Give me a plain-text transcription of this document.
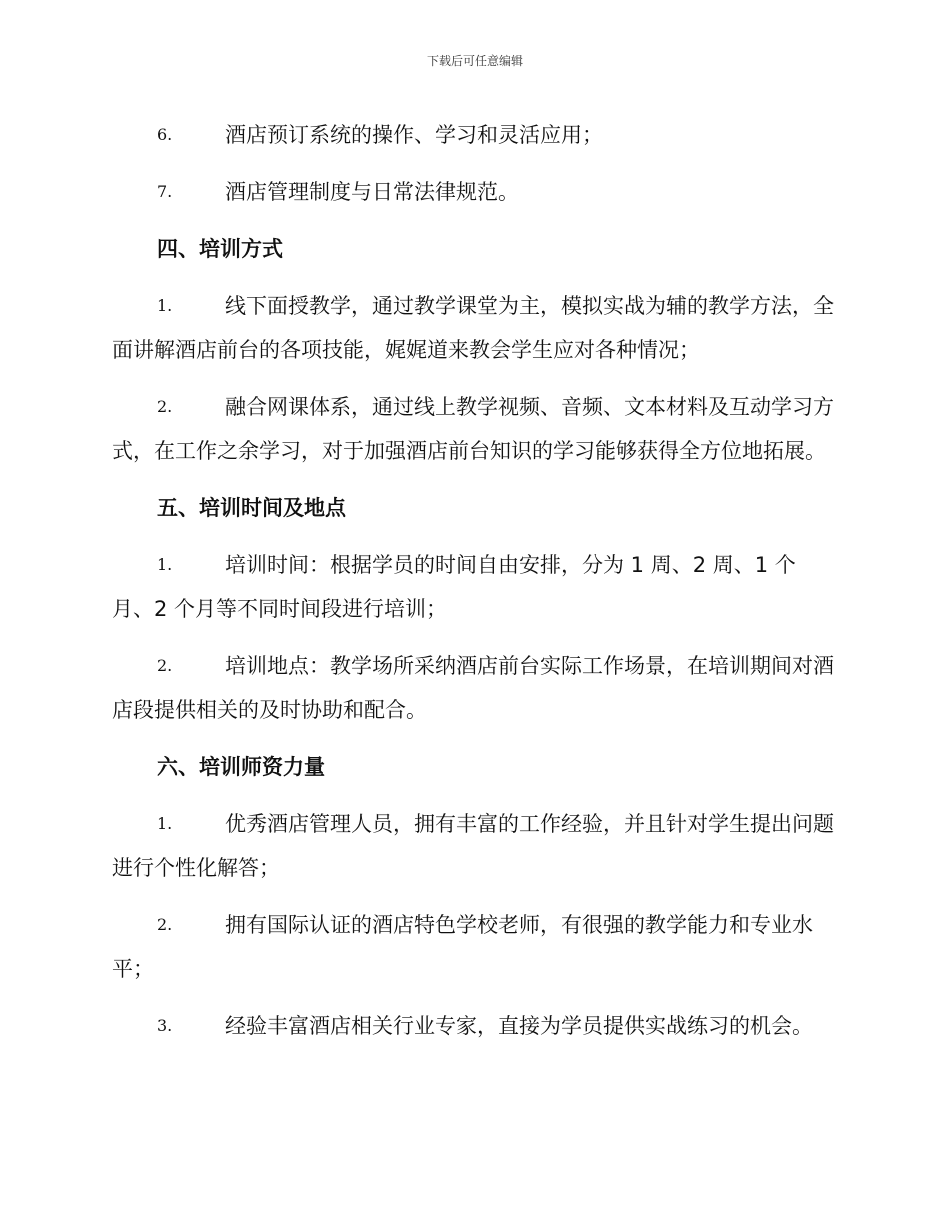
下载后可任意编辑
6.	酒店预订系统的操作、学习和灵活应用；
7.	酒店管理制度与日常法律规范。
四、培训方式
1.	线下面授教学，通过教学课堂为主，模拟实战为辅的教学方法，全面讲解酒店前台的各项技能，娓娓道来教会学生应对各种情况；
2.	融合网课体系，通过线上教学视频、音频、文本材料及互动学习方式，在工作之余学习，对于加强酒店前台知识的学习能够获得全方位地拓展。
五、培训时间及地点
1.	培训时间：根据学员的时间自由安排，分为 1 周、2 周、1 个月、2 个月等不同时间段进行培训；
2.	培训地点：教学场所采纳酒店前台实际工作场景，在培训期间对酒店段提供相关的及时协助和配合。
六、培训师资力量
1.	优秀酒店管理人员，拥有丰富的工作经验，并且针对学生提出问题进行个性化解答；
2.	拥有国际认证的酒店特色学校老师，有很强的教学能力和专业水平；
3.	经验丰富酒店相关行业专家，直接为学员提供实战练习的机会。
